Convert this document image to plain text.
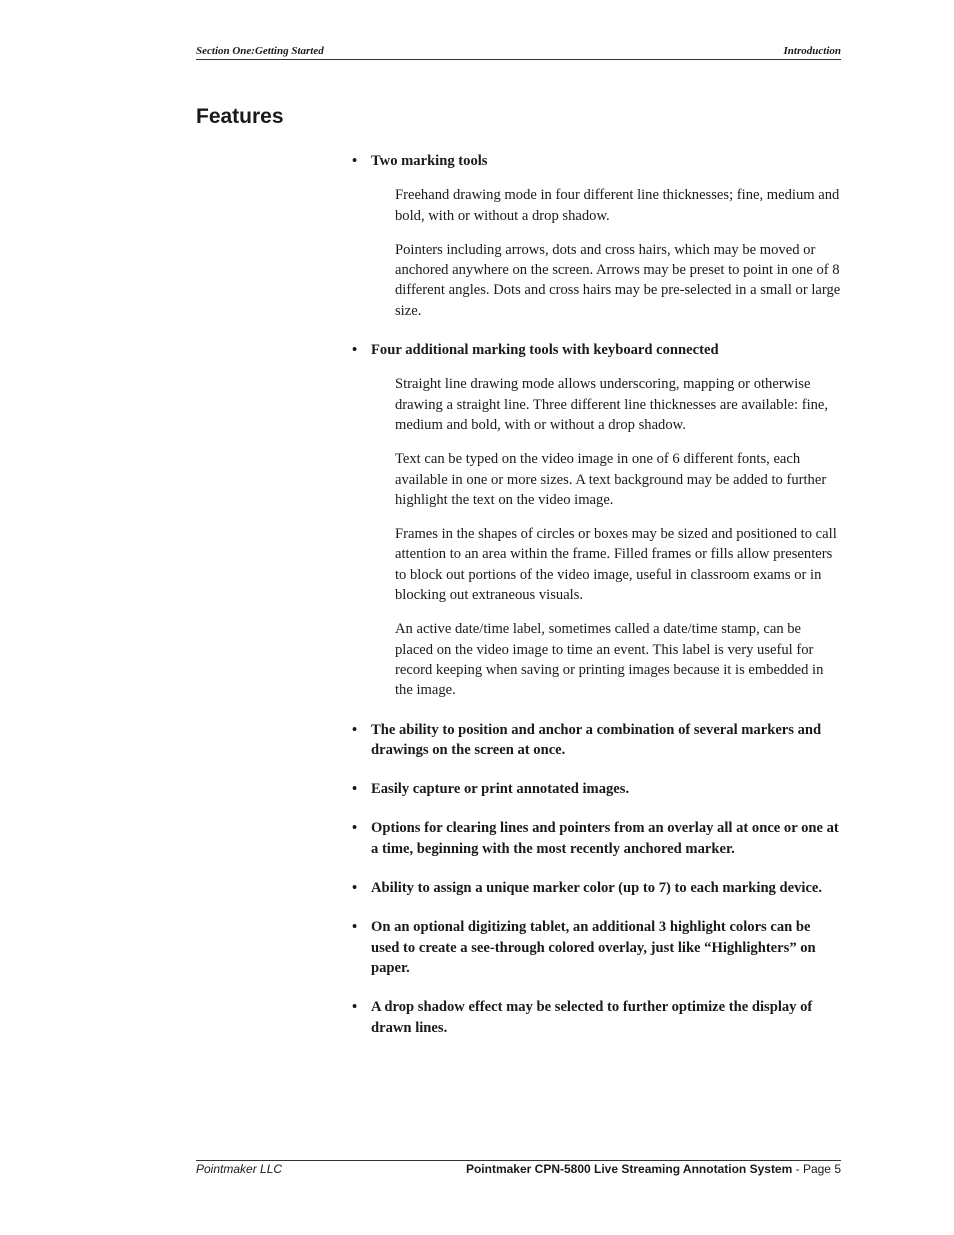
Section One:Getting Started	Introduction
Features
• Two marking tools

Freehand drawing mode in four different line thicknesses; fine, medium and bold, with or without a drop shadow.

Pointers including arrows, dots and cross hairs, which may be moved or anchored anywhere on the screen. Arrows may be preset to point in one of 8 different angles. Dots and cross hairs may be pre-selected in a small or large size.

• Four additional marking tools with keyboard connected

Straight line drawing mode allows underscoring, mapping or otherwise drawing a straight line. Three different line thicknesses are available: fine, medium and bold, with or without a drop shadow.

Text can be typed on the video image in one of 6 different fonts, each available in one or more sizes. A text background may be added to further highlight the text on the video image.

Frames in the shapes of circles or boxes may be sized and positioned to call attention to an area within the frame. Filled frames or fills allow presenters to block out portions of the video image, useful in classroom exams or in blocking out extraneous visuals.

An active date/time label, sometimes called a date/time stamp, can be placed on the video image to time an event. This label is very useful for record keeping when saving or printing images because it is embedded in the image.

• The ability to position and anchor a combination of several markers and drawings on the screen at once.
• Easily capture or print annotated images.
• Options for clearing lines and pointers from an overlay all at once or one at a time, beginning with the most recently anchored marker.
• Ability to assign a unique marker color (up to 7) to each marking device.
• On an optional digitizing tablet, an additional 3 highlight colors can be used to create a see-through colored overlay, just like “Highlighters” on paper.
• A drop shadow effect may be selected to further optimize the display of drawn lines.
Pointmaker LLC	Pointmaker CPN-5800 Live Streaming Annotation System - Page 5
